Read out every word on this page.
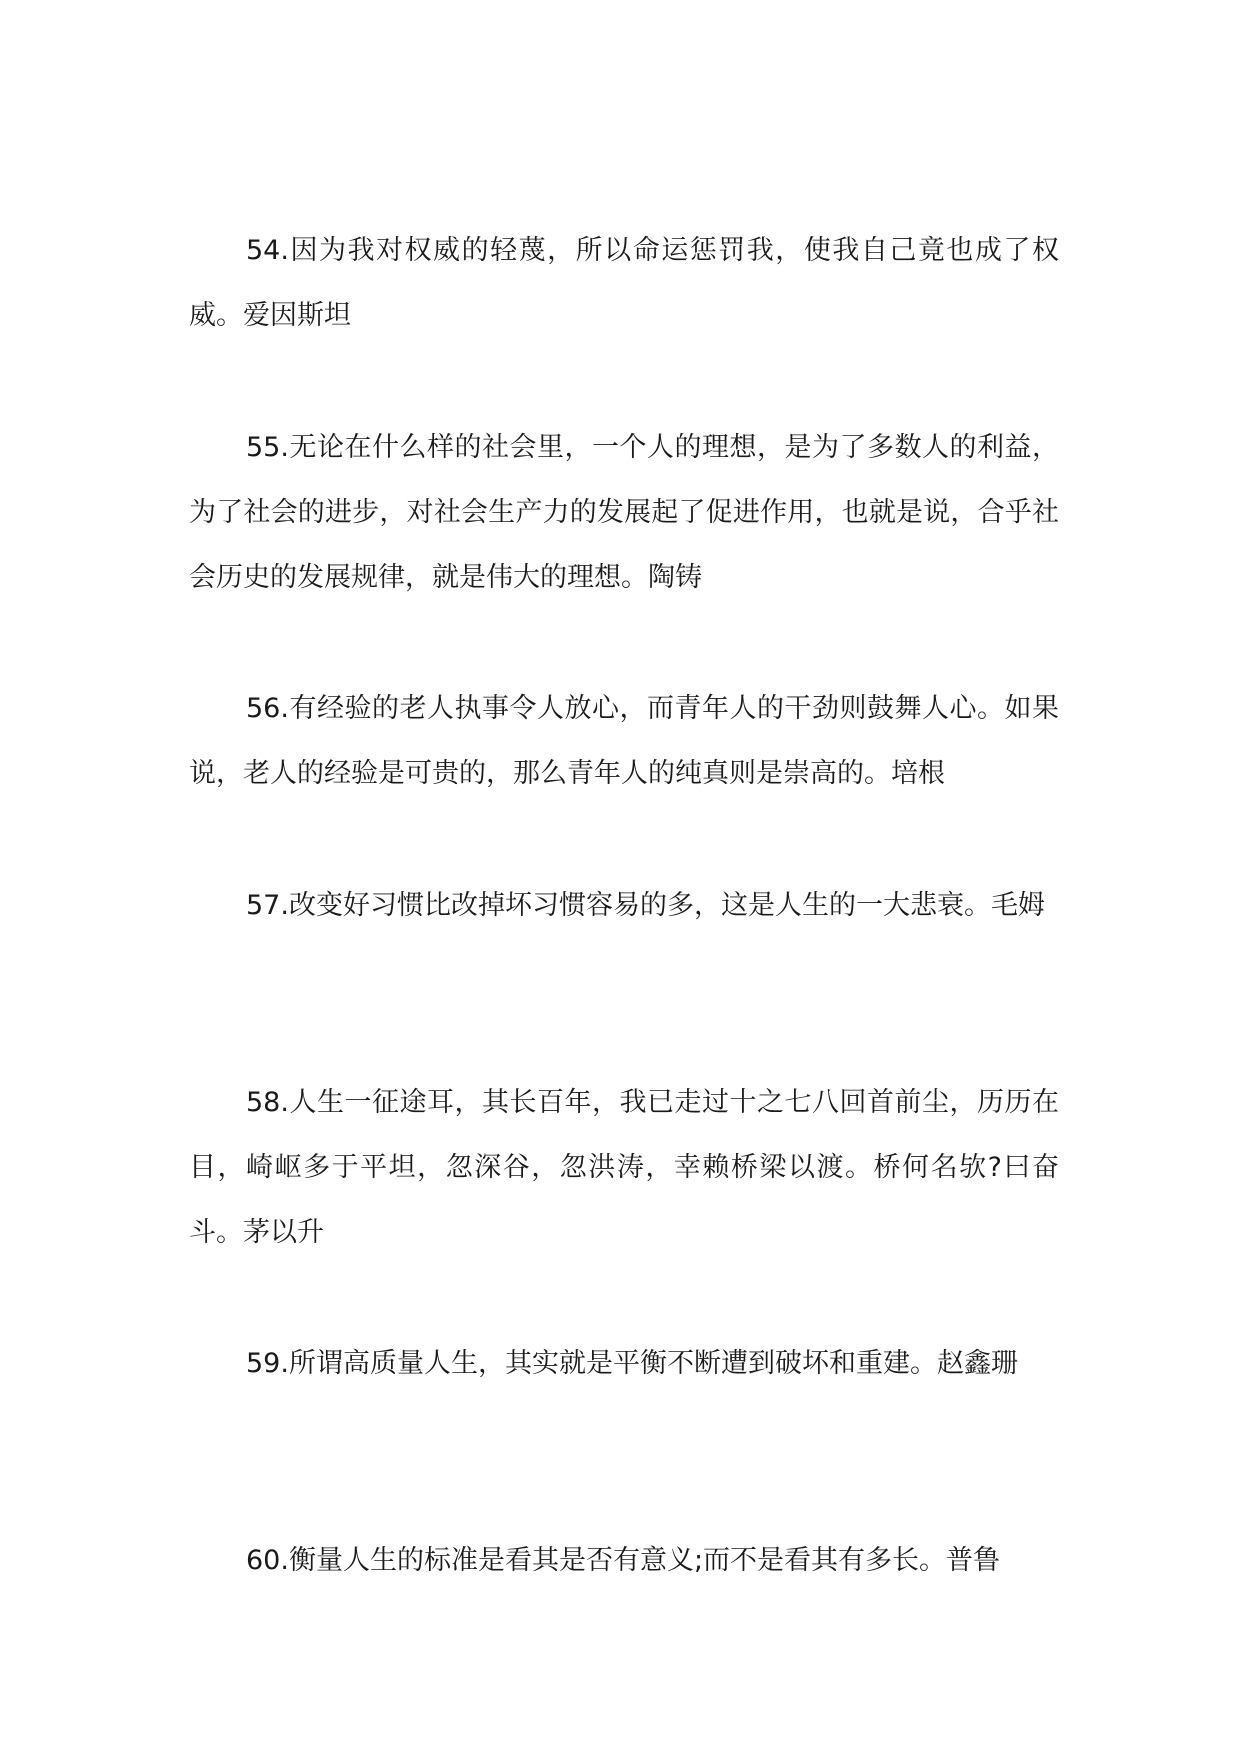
54.因为我对权威的轻蔑，所以命运惩罚我，使我自己竟也成了权威。爱因斯坦

55.无论在什么样的社会里，一个人的理想，是为了多数人的利益，为了社会的进步，对社会生产力的发展起了促进作用，也就是说，合乎社会历史的发展规律，就是伟大的理想。陶铸

56.有经验的老人执事令人放心，而青年人的干劲则鼓舞人心。如果说，老人的经验是可贵的，那么青年人的纯真则是崇高的。培根

57.改变好习惯比改掉坏习惯容易的多，这是人生的一大悲衰。毛姆

58.人生一征途耳，其长百年，我已走过十之七八回首前尘，历历在目，崎岖多于平坦，忽深谷，忽洪涛，幸赖桥梁以渡。桥何名欤?曰奋斗。茅以升

59.所谓高质量人生，其实就是平衡不断遭到破坏和重建。赵鑫珊

60.衡量人生的标准是看其是否有意义;而不是看其有多长。普鲁
